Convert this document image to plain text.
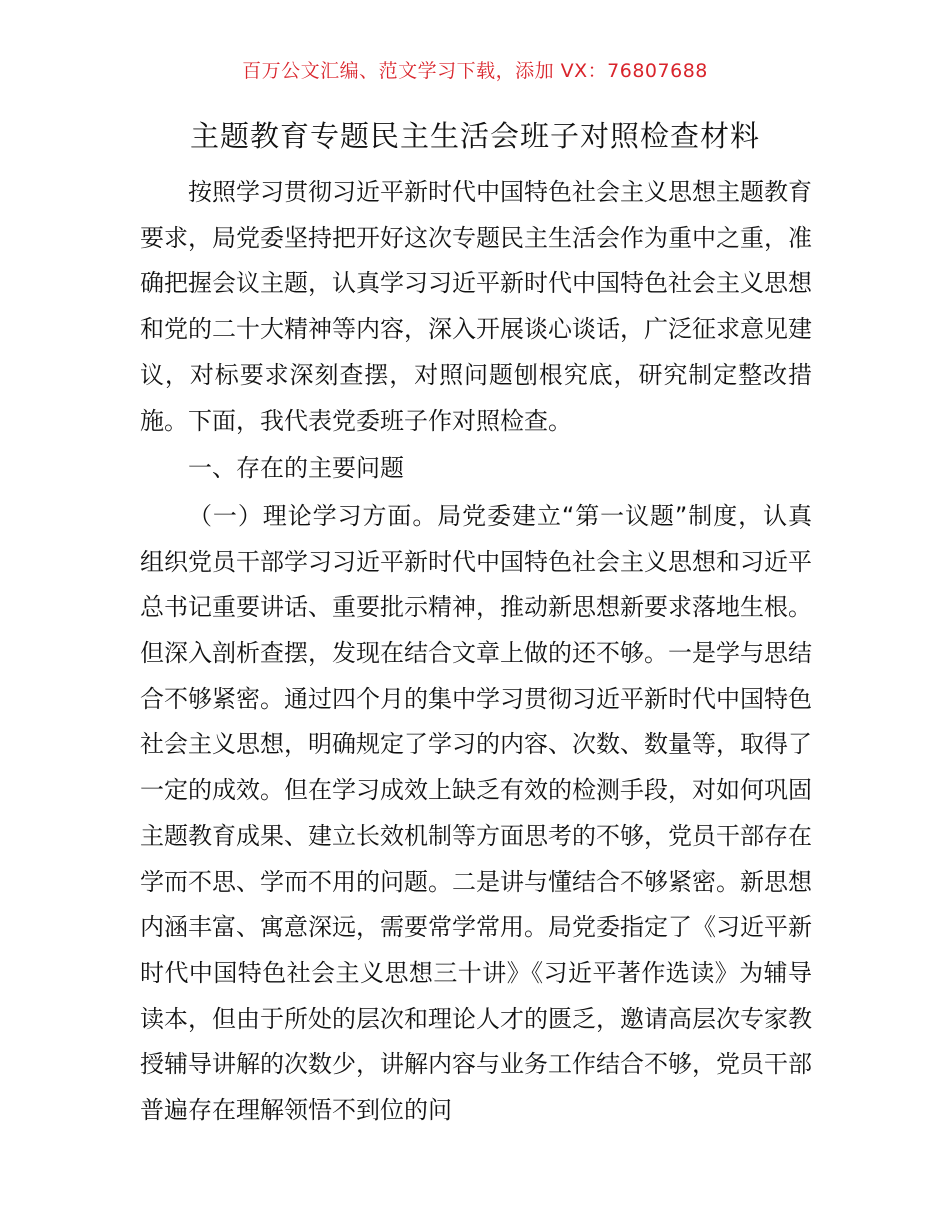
百万公文汇编、范文学习下载，添加 VX：76807688
主题教育专题民主生活会班子对照检查材料

按照学习贯彻习近平新时代中国特色社会主义思想主题教育要求，局党委坚持把开好这次专题民主生活会作为重中之重，准确把握会议主题，认真学习习近平新时代中国特色社会主义思想和党的二十大精神等内容，深入开展谈心谈话，广泛征求意见建议，对标要求深刻查摆，对照问题刨根究底，研究制定整改措施。下面，我代表党委班子作对照检查。

一、存在的主要问题

（一）理论学习方面。局党委建立“第一议题”制度，认真组织党员干部学习习近平新时代中国特色社会主义思想和习近平总书记重要讲话、重要批示精神，推动新思想新要求落地生根。但深入剖析查摆，发现在结合文章上做的还不够。一是学与思结合不够紧密。通过四个月的集中学习贯彻习近平新时代中国特色社会主义思想，明确规定了学习的内容、次数、数量等，取得了一定的成效。但在学习成效上缺乏有效的检测手段，对如何巩固主题教育成果、建立长效机制等方面思考的不够，党员干部存在学而不思、学而不用的问题。二是讲与懂结合不够紧密。新思想内涵丰富、寓意深远，需要常学常用。局党委指定了《习近平新时代中国特色社会主义思想三十讲》《习近平著作选读》为辅导读本，但由于所处的层次和理论人才的匮乏，邀请高层次专家教授辅导讲解的次数少，讲解内容与业务工作结合不够，党员干部普遍存在理解领悟不到位的问
